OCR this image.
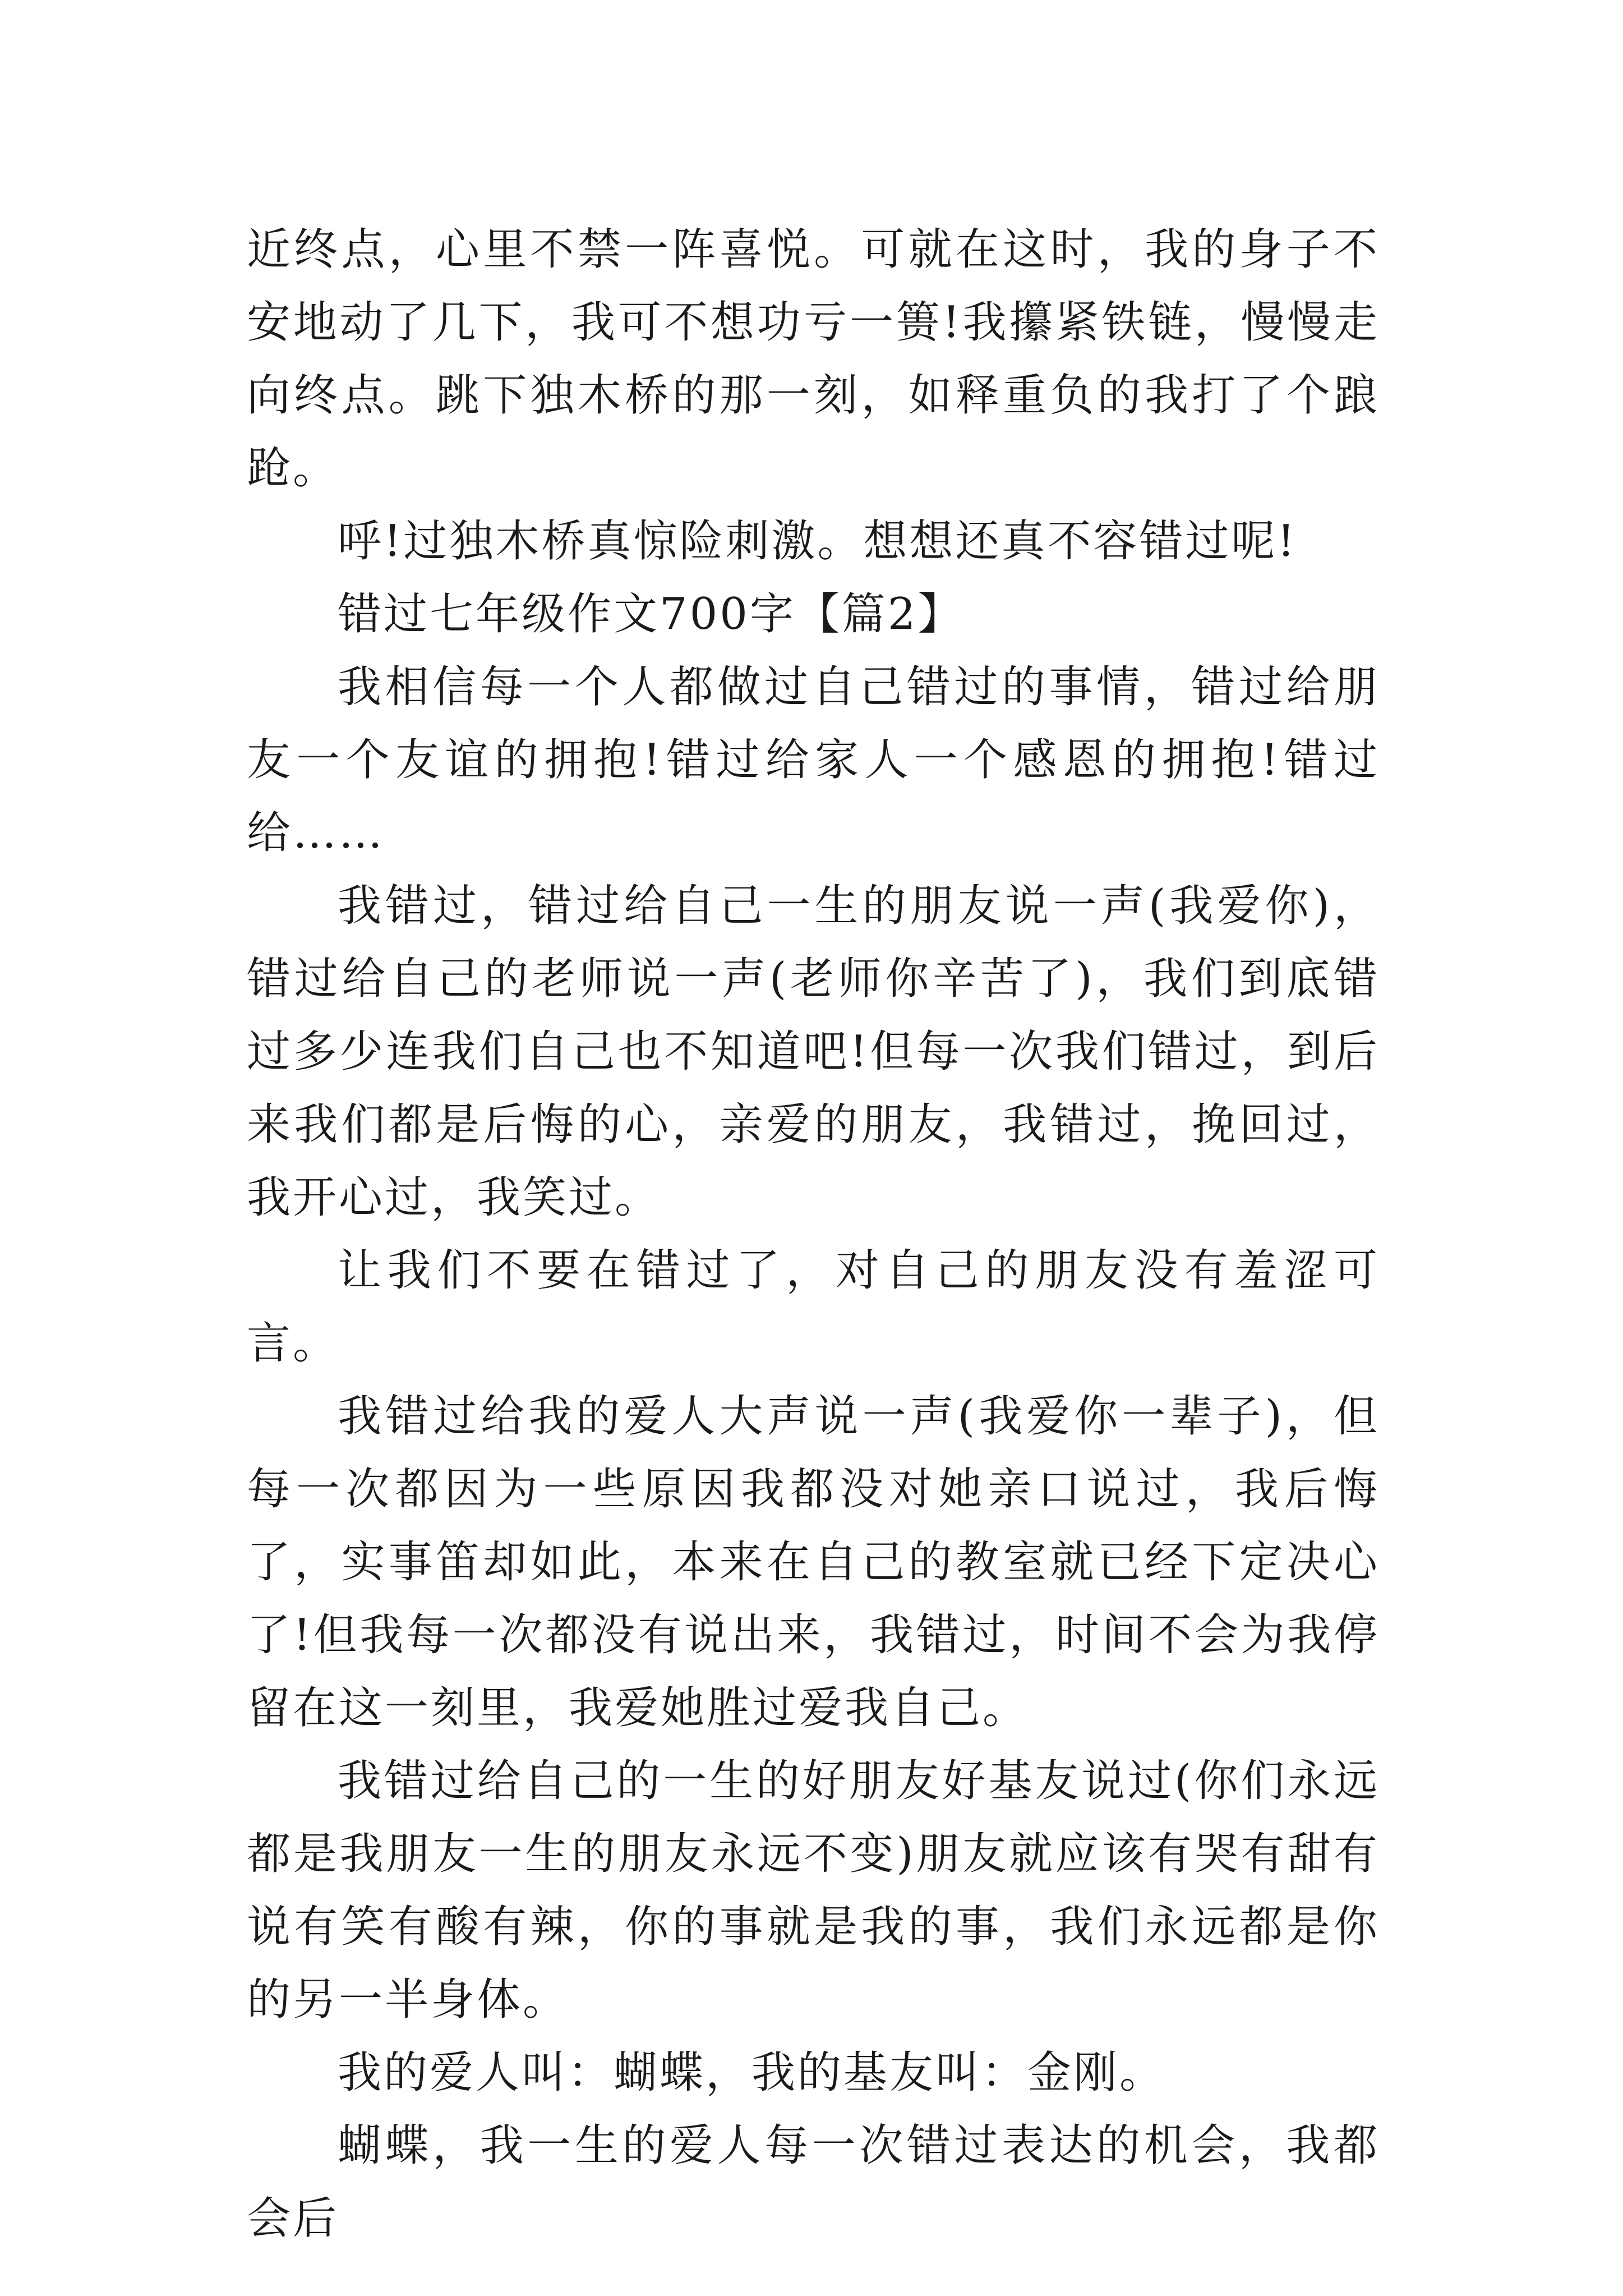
近终点，心里不禁一阵喜悦。可就在这时，我的身子不安地动了几下，我可不想功亏一篑!我攥紧铁链，慢慢走向终点。跳下独木桥的那一刻，如释重负的我打了个踉跄。

呼!过独木桥真惊险刺激。想想还真不容错过呢!

错过七年级作文700字【篇2】

我相信每一个人都做过自己错过的事情，错过给朋友一个友谊的拥抱!错过给家人一个感恩的拥抱!错过给……

我错过，错过给自己一生的朋友说一声(我爱你)，错过给自己的老师说一声(老师你辛苦了)，我们到底错过多少连我们自己也不知道吧!但每一次我们错过，到后来我们都是后悔的心，亲爱的朋友，我错过，挽回过，我开心过，我笑过。

让我们不要在错过了，对自己的朋友没有羞涩可言。

我错过给我的爱人大声说一声(我爱你一辈子)，但每一次都因为一些原因我都没对她亲口说过，我后悔了，实事笛却如此，本来在自己的教室就已经下定决心了!但我每一次都没有说出来，我错过，时间不会为我停留在这一刻里，我爱她胜过爱我自己。

我错过给自己的一生的好朋友好基友说过(你们永远都是我朋友一生的朋友永远不变)朋友就应该有哭有甜有说有笑有酸有辣，你的事就是我的事，我们永远都是你的另一半身体。

我的爱人叫：蝴蝶，我的基友叫：金刚。

蝴蝶，我一生的爱人每一次错过表达的机会，我都会后
